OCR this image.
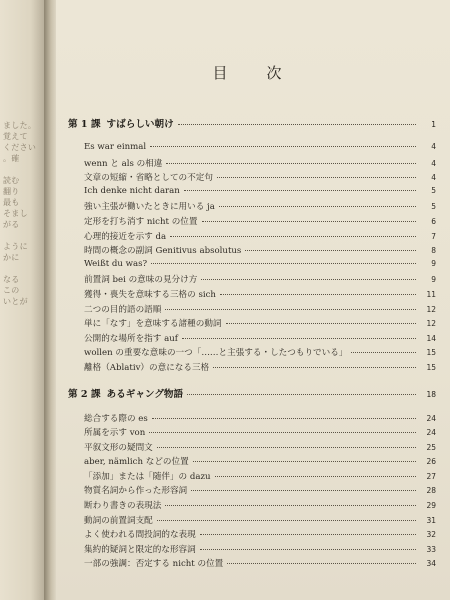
ました。
覚えて
ください
。確

読む
翻り
最も
そまし
がる

ように
かに

なる
この
いとが
目　次
第 1 課 すばらしい朝け	1
Es war einmal	4
wenn と als の相違	4
文章の短縮・省略としての不定句	4
Ich denke nicht daran	5
強い主張が働いたときに用いる ja	5
定形を打ち消す nicht の位置	6
心理的接近を示す da	7
時間の概念の副詞 Genitivus absolutus	8
Weißt du was?	9
前置詞 bei の意味の見分け方	9
獲得・喪失を意味する三格の sich	11
二つの目的語の語順	12
単に「なす」を意味する諸種の動詞	12
公開的な場所を指す auf	14
wollen の重要な意味の一つ「……と主張する・したつもりでいる」	15
離格（Ablativ）の意になる三格	15
第 2 課 あるギャング物語	18
総合する際の es	24
所属を示す von	24
平叙文形の疑問文	25
aber, nämlich などの位置	26
「添加」または「随伴」の dazu	27
物質名詞から作った形容詞	28
断わり書きの表現法	29
動詞の前置詞支配	31
よく使われる間投詞的な表現	32
集約的疑詞と限定的な形容詞	33
一部の強調：否定する nicht の位置	34
